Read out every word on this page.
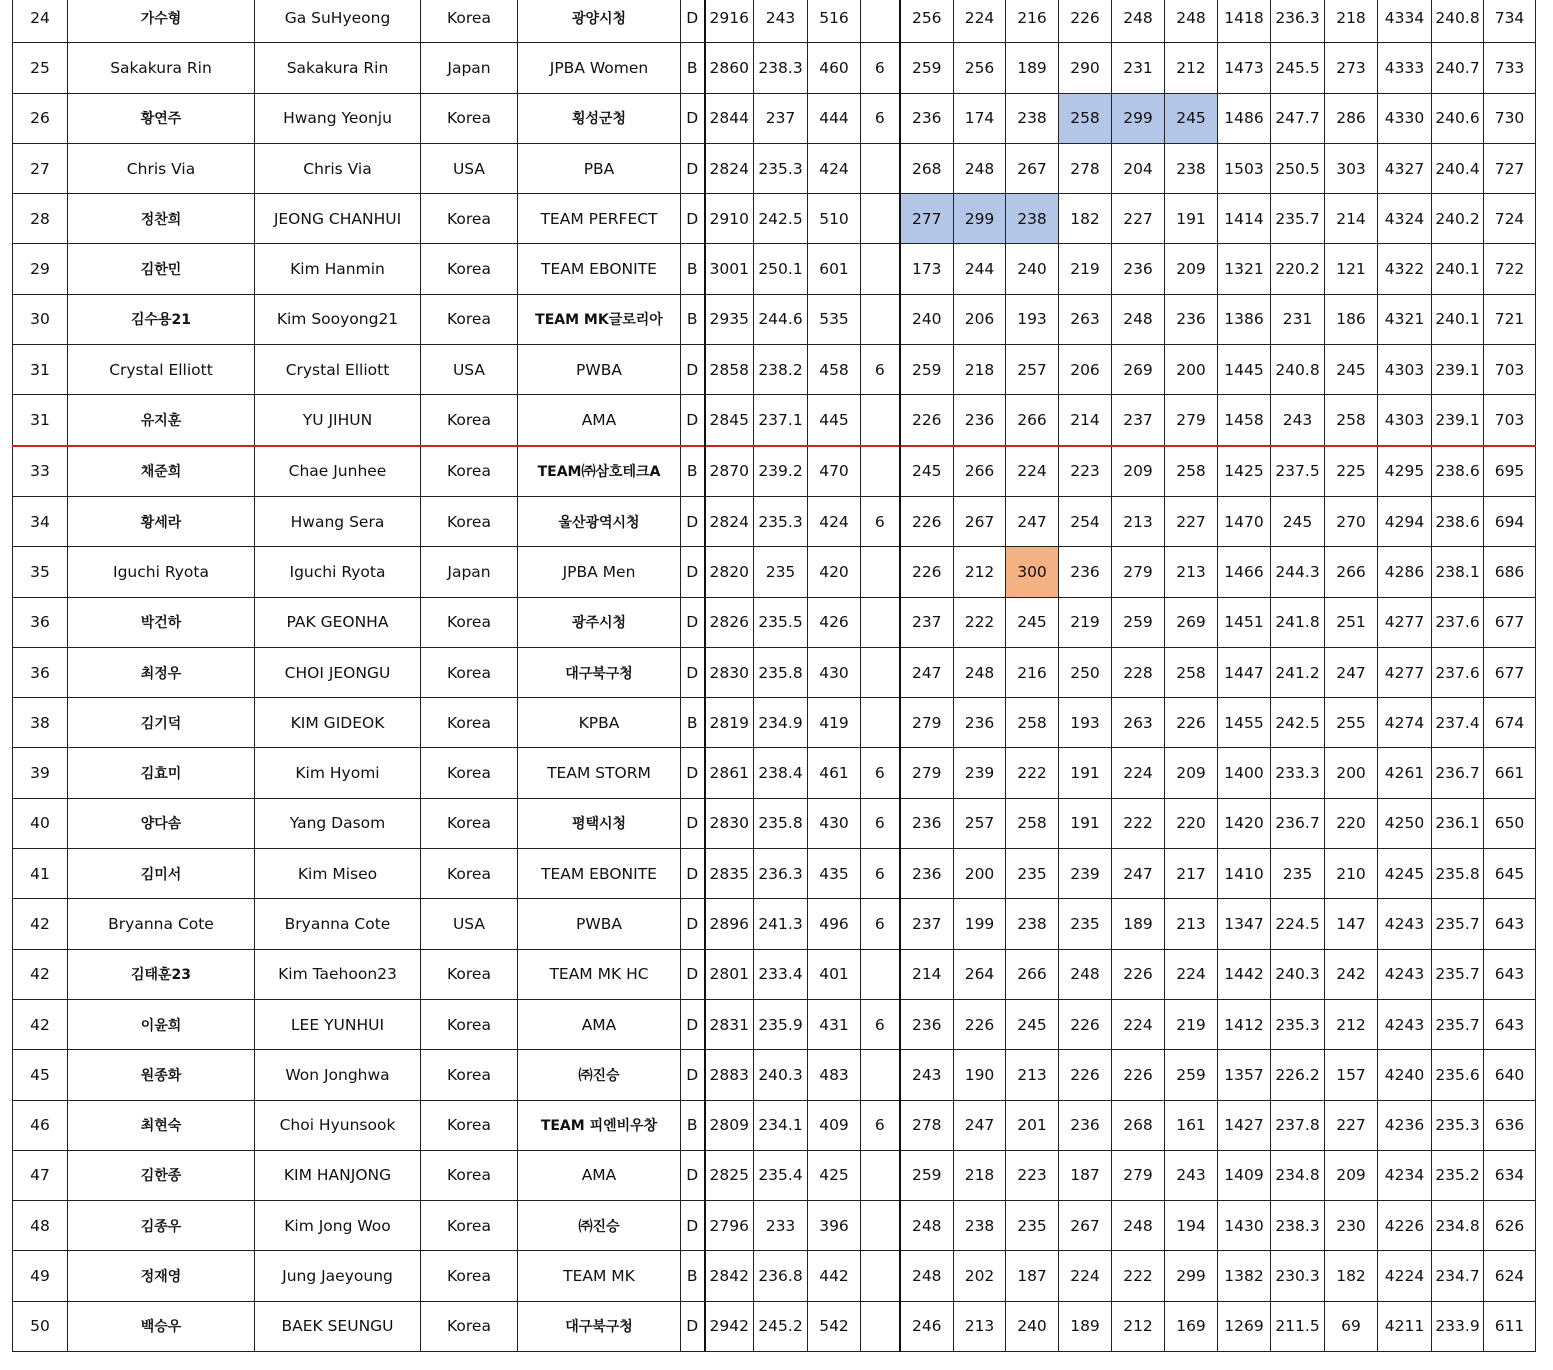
24	가수형	Ga SuHyeong	Korea	광양시청	D	2916	243	516		256	224	216	226	248	248	1418	236.3	218	4334	240.8	734
25	Sakakura Rin	Sakakura Rin	Japan	JPBA Women	B	2860	238.3	460	6	259	256	189	290	231	212	1473	245.5	273	4333	240.7	733
26	황연주	Hwang Yeonju	Korea	횡성군청	D	2844	237	444	6	236	174	238	258	299	245	1486	247.7	286	4330	240.6	730
27	Chris Via	Chris Via	USA	PBA	D	2824	235.3	424		268	248	267	278	204	238	1503	250.5	303	4327	240.4	727
28	정찬희	JEONG CHANHUI	Korea	TEAM PERFECT	D	2910	242.5	510		277	299	238	182	227	191	1414	235.7	214	4324	240.2	724
29	김한민	Kim Hanmin	Korea	TEAM EBONITE	B	3001	250.1	601		173	244	240	219	236	209	1321	220.2	121	4322	240.1	722
30	김수용21	Kim Sooyong21	Korea	TEAM MK글로리아	B	2935	244.6	535		240	206	193	263	248	236	1386	231	186	4321	240.1	721
31	Crystal Elliott	Crystal Elliott	USA	PWBA	D	2858	238.2	458	6	259	218	257	206	269	200	1445	240.8	245	4303	239.1	703
31	유지훈	YU JIHUN	Korea	AMA	D	2845	237.1	445		226	236	266	214	237	279	1458	243	258	4303	239.1	703
33	채준희	Chae Junhee	Korea	TEAM㈜삼호테크A	B	2870	239.2	470		245	266	224	223	209	258	1425	237.5	225	4295	238.6	695
34	황세라	Hwang Sera	Korea	울산광역시청	D	2824	235.3	424	6	226	267	247	254	213	227	1470	245	270	4294	238.6	694
35	Iguchi Ryota	Iguchi Ryota	Japan	JPBA Men	D	2820	235	420		226	212	300	236	279	213	1466	244.3	266	4286	238.1	686
36	박건하	PAK GEONHA	Korea	광주시청	D	2826	235.5	426		237	222	245	219	259	269	1451	241.8	251	4277	237.6	677
36	최정우	CHOI JEONGU	Korea	대구북구청	D	2830	235.8	430		247	248	216	250	228	258	1447	241.2	247	4277	237.6	677
38	김기덕	KIM GIDEOK	Korea	KPBA	B	2819	234.9	419		279	236	258	193	263	226	1455	242.5	255	4274	237.4	674
39	김효미	Kim Hyomi	Korea	TEAM STORM	D	2861	238.4	461	6	279	239	222	191	224	209	1400	233.3	200	4261	236.7	661
40	양다솜	Yang Dasom	Korea	평택시청	D	2830	235.8	430	6	236	257	258	191	222	220	1420	236.7	220	4250	236.1	650
41	김미서	Kim Miseo	Korea	TEAM EBONITE	D	2835	236.3	435	6	236	200	235	239	247	217	1410	235	210	4245	235.8	645
42	Bryanna Cote	Bryanna Cote	USA	PWBA	D	2896	241.3	496	6	237	199	238	235	189	213	1347	224.5	147	4243	235.7	643
42	김태훈23	Kim Taehoon23	Korea	TEAM MK HC	D	2801	233.4	401		214	264	266	248	226	224	1442	240.3	242	4243	235.7	643
42	이윤희	LEE YUNHUI	Korea	AMA	D	2831	235.9	431	6	236	226	245	226	224	219	1412	235.3	212	4243	235.7	643
45	원종화	Won Jonghwa	Korea	㈜진승	D	2883	240.3	483		243	190	213	226	226	259	1357	226.2	157	4240	235.6	640
46	최현숙	Choi Hyunsook	Korea	TEAM 피엔비우창	B	2809	234.1	409	6	278	247	201	236	268	161	1427	237.8	227	4236	235.3	636
47	김한종	KIM HANJONG	Korea	AMA	D	2825	235.4	425		259	218	223	187	279	243	1409	234.8	209	4234	235.2	634
48	김종우	Kim Jong Woo	Korea	㈜진승	D	2796	233	396		248	238	235	267	248	194	1430	238.3	230	4226	234.8	626
49	정재영	Jung Jaeyoung	Korea	TEAM MK	B	2842	236.8	442		248	202	187	224	222	299	1382	230.3	182	4224	234.7	624
50	백승우	BAEK SEUNGU	Korea	대구북구청	D	2942	245.2	542		246	213	240	189	212	169	1269	211.5	69	4211	233.9	611
